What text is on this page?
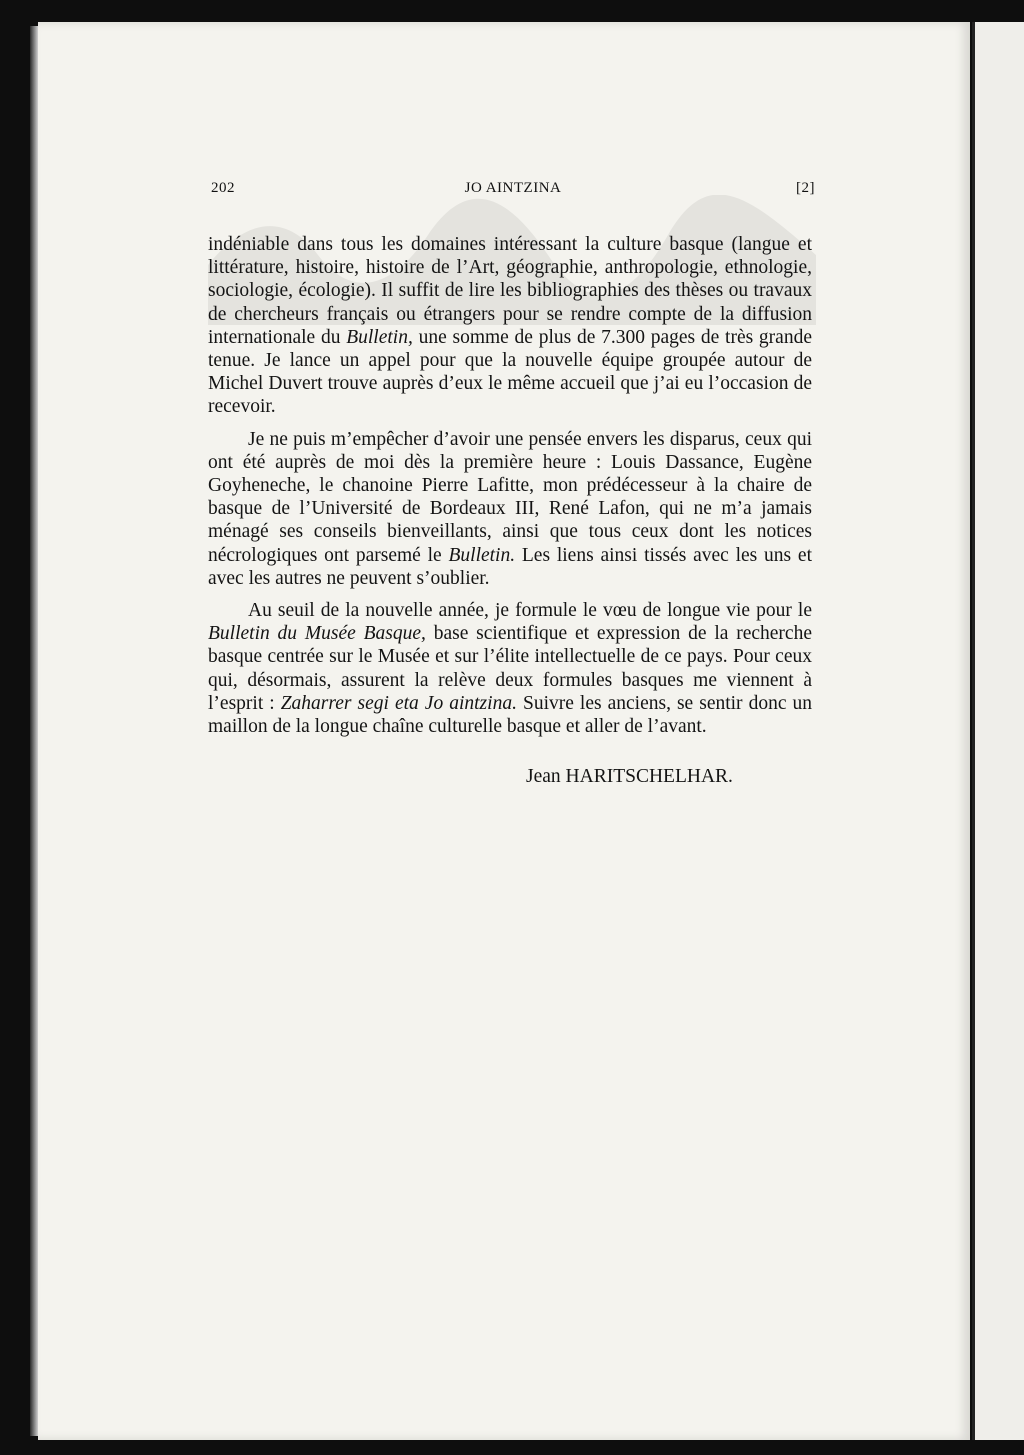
202	JO AINTZINA	[2]

indéniable dans tous les domaines intéressant la culture basque (langue et littérature, histoire, histoire de l’Art, géographie, anthropologie, ethnologie, sociologie, écologie). Il suffit de lire les bibliographies des thèses ou travaux de chercheurs français ou étrangers pour se rendre compte de la diffusion internationale du Bulletin, une somme de plus de 7.300 pages de très grande tenue. Je lance un appel pour que la nouvelle équipe groupée autour de Michel Duvert trouve auprès d’eux le même accueil que j’ai eu l’occasion de recevoir.

Je ne puis m’empêcher d’avoir une pensée envers les disparus, ceux qui ont été auprès de moi dès la première heure : Louis Dassance, Eugène Goyheneche, le chanoine Pierre Lafitte, mon prédécesseur à la chaire de basque de l’Université de Bordeaux III, René Lafon, qui ne m’a jamais ménagé ses conseils bienveillants, ainsi que tous ceux dont les notices nécrologiques ont parsemé le Bulletin. Les liens ainsi tissés avec les uns et avec les autres ne peuvent s’oublier.

Au seuil de la nouvelle année, je formule le vœu de longue vie pour le Bulletin du Musée Basque, base scientifique et expression de la recherche basque centrée sur le Musée et sur l’élite intellectuelle de ce pays. Pour ceux qui, désormais, assurent la relève deux formules basques me viennent à l’esprit : Zaharrer segi eta Jo aintzina. Suivre les anciens, se sentir donc un maillon de la longue chaîne culturelle basque et aller de l’avant.

Jean HARITSCHELHAR.
